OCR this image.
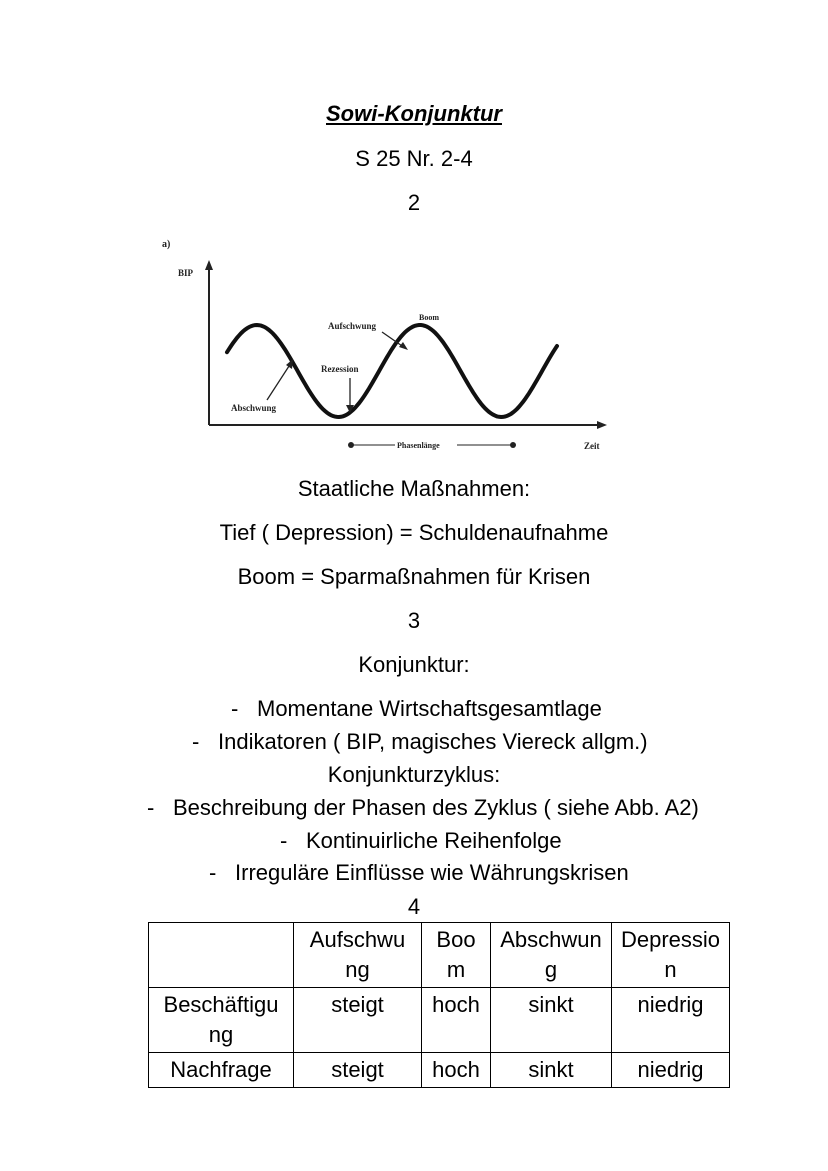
Sowi-Konjunktur
S 25 Nr. 2-4
2
a)
BIP
Aufschwung
Boom
Rezession
Abschwung
Phasenlänge	Zeit
Staatliche Maßnahmen:
Tief ( Depression) = Schuldenaufnahme
Boom = Sparmaßnahmen für Krisen
3
Konjunktur:
- Momentane Wirtschaftsgesamtlage
- Indikatoren ( BIP, magisches Viereck allgm.)
Konjunkturzyklus:
- Beschreibung der Phasen des Zyklus ( siehe Abb. A2)
- Kontinuirliche Reihenfolge
- Irreguläre Einflüsse wie Währungskrisen
4
	Aufschwu ng	Boo m	Abschwun g	Depressio n
Beschäftigu ng	steigt	hoch	sinkt	niedrig
Nachfrage	steigt	hoch	sinkt	niedrig
